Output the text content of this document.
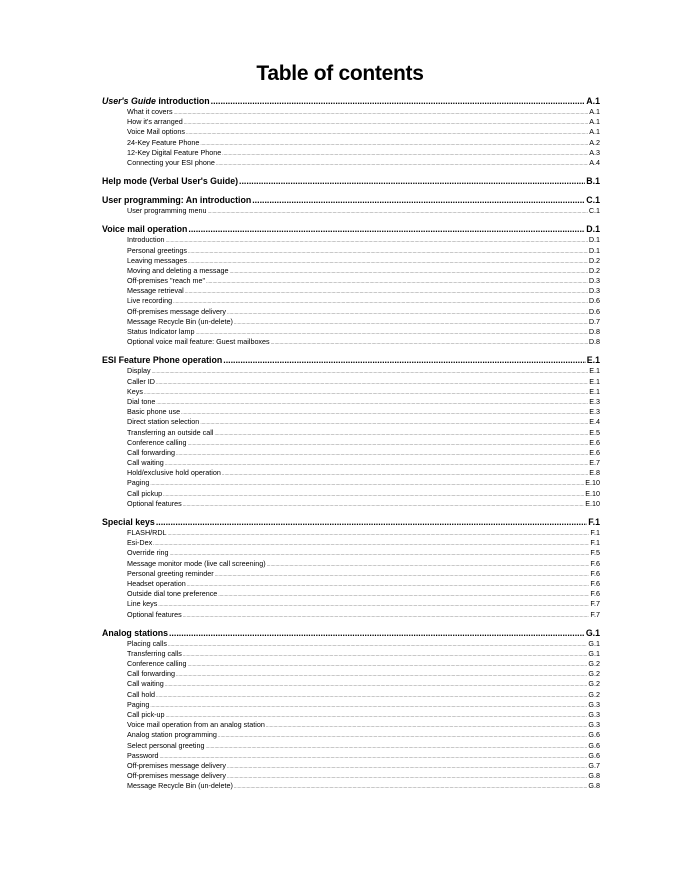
Table of contents
User's Guide introduction .....	A.1
What it covers .....	A.1
How it's arranged .....	A.1
Voice Mail options .....	A.1
24-Key Feature Phone .....	A.2
12-Key Digital Feature Phone .....	A.3
Connecting your ESI phone .....	A.4
Help mode (Verbal User's Guide) .....	B.1
User programming: An introduction .....	C.1
User programming menu .....	C.1
Voice mail operation .....	D.1
Introduction .....	D.1
Personal greetings .....	D.1
Leaving messages .....	D.2
Moving and deleting a message .....	D.2
Off-premises "reach me" .....	D.3
Message retrieval .....	D.3
Live recording .....	D.6
Off-premises message delivery .....	D.6
Message Recycle Bin (un-delete) .....	D.7
Status Indicator lamp .....	D.8
Optional voice mail feature: Guest mailboxes .....	D.8
ESI Feature Phone operation .....	E.1
Display .....	E.1
Caller ID .....	E.1
Keys .....	E.1
Dial tone .....	E.3
Basic phone use .....	E.3
Direct station selection .....	E.4
Transferring an outside call .....	E.5
Conference calling .....	E.6
Call forwarding .....	E.6
Call waiting .....	E.7
Hold/exclusive hold operation .....	E.8
Paging .....	E.10
Call pickup .....	E.10
Optional features .....	E.10
Special keys .....	F.1
FLASH/RDL .....	F.1
Esi-Dex .....	F.1
Override ring .....	F.5
Message monitor mode (live call screening) .....	F.6
Personal greeting reminder .....	F.6
Headset operation .....	F.6
Outside dial tone preference .....	F.6
Line keys .....	F.7
Optional features .....	F.7
Analog stations .....	G.1
Placing calls .....	G.1
Transferring calls .....	G.1
Conference calling .....	G.2
Call forwarding .....	G.2
Call waiting .....	G.2
Call hold .....	G.2
Paging .....	G.3
Call pick-up .....	G.3
Voice mail operation from an analog station .....	G.3
Analog station programming .....	G.6
Select personal greeting .....	G.6
Password .....	G.6
Off-premises message delivery .....	G.7
Off-premises message delivery .....	G.8
Message Recycle Bin (un-delete) .....	G.8
